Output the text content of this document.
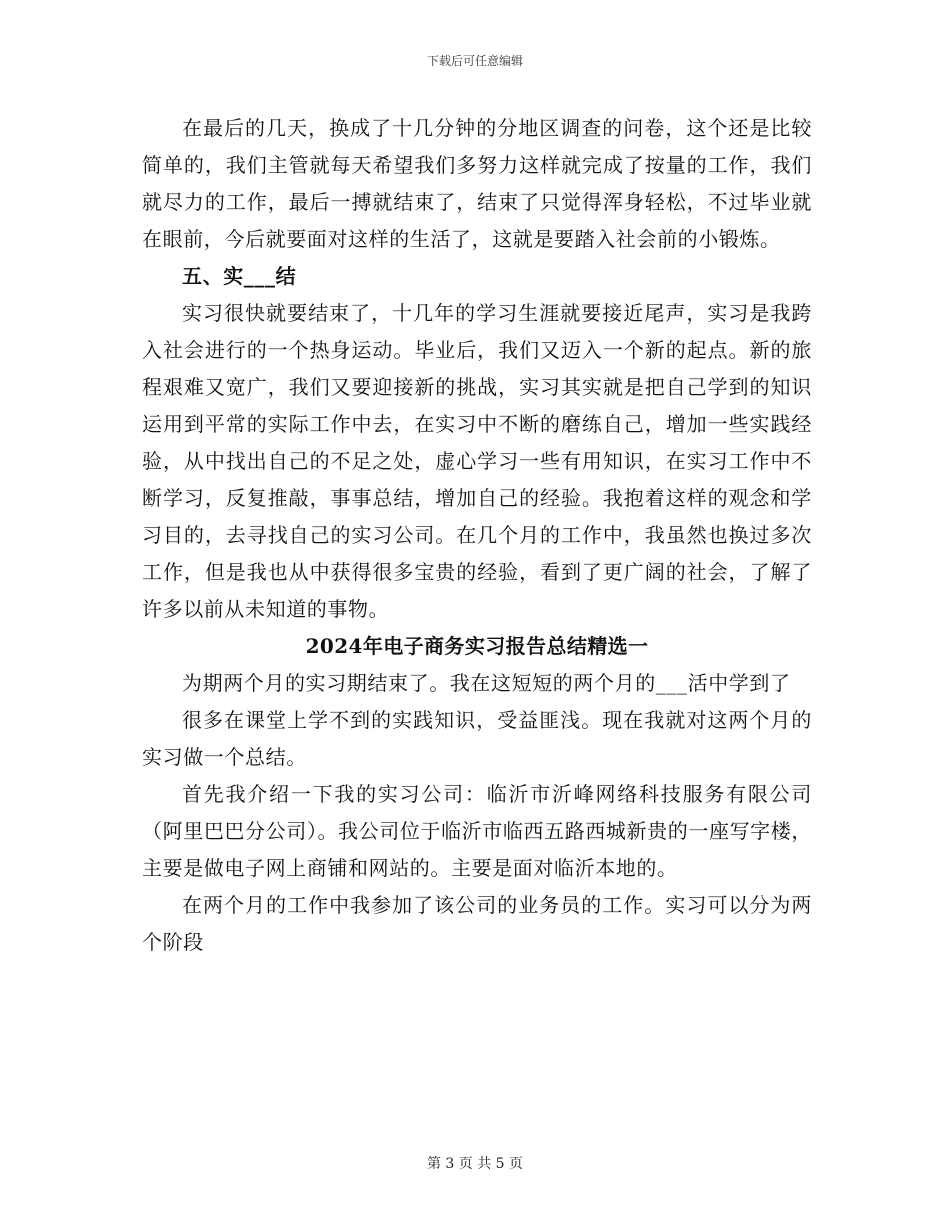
下载后可任意编辑

在最后的几天，换成了十几分钟的分地区调查的问卷，这个还是比较简单的，我们主管就每天希望我们多努力这样就完成了按量的工作，我们就尽力的工作，最后一搏就结束了，结束了只觉得浑身轻松，不过毕业就在眼前，今后就要面对这样的生活了，这就是要踏入社会前的小锻炼。

五、实___结

实习很快就要结束了，十几年的学习生涯就要接近尾声，实习是我跨入社会进行的一个热身运动。毕业后，我们又迈入一个新的起点。新的旅程艰难又宽广，我们又要迎接新的挑战，实习其实就是把自己学到的知识运用到平常的实际工作中去，在实习中不断的磨练自己，增加一些实践经验，从中找出自己的不足之处，虚心学习一些有用知识，在实习工作中不断学习，反复推敲，事事总结，增加自己的经验。我抱着这样的观念和学习目的，去寻找自己的实习公司。在几个月的工作中，我虽然也换过多次工作，但是我也从中获得很多宝贵的经验，看到了更广阔的社会，了解了许多以前从未知道的事物。

2024年电子商务实习报告总结精选一

为期两个月的实习期结束了。我在这短短的两个月的___活中学到了

很多在课堂上学不到的实践知识，受益匪浅。现在我就对这两个月的实习做一个总结。

首先我介绍一下我的实习公司：临沂市沂峰网络科技服务有限公司（阿里巴巴分公司）。我公司位于临沂市临西五路西城新贵的一座写字楼，主要是做电子网上商铺和网站的。主要是面对临沂本地的。

在两个月的工作中我参加了该公司的业务员的工作。实习可以分为两个阶段

第 3 页 共 5 页
